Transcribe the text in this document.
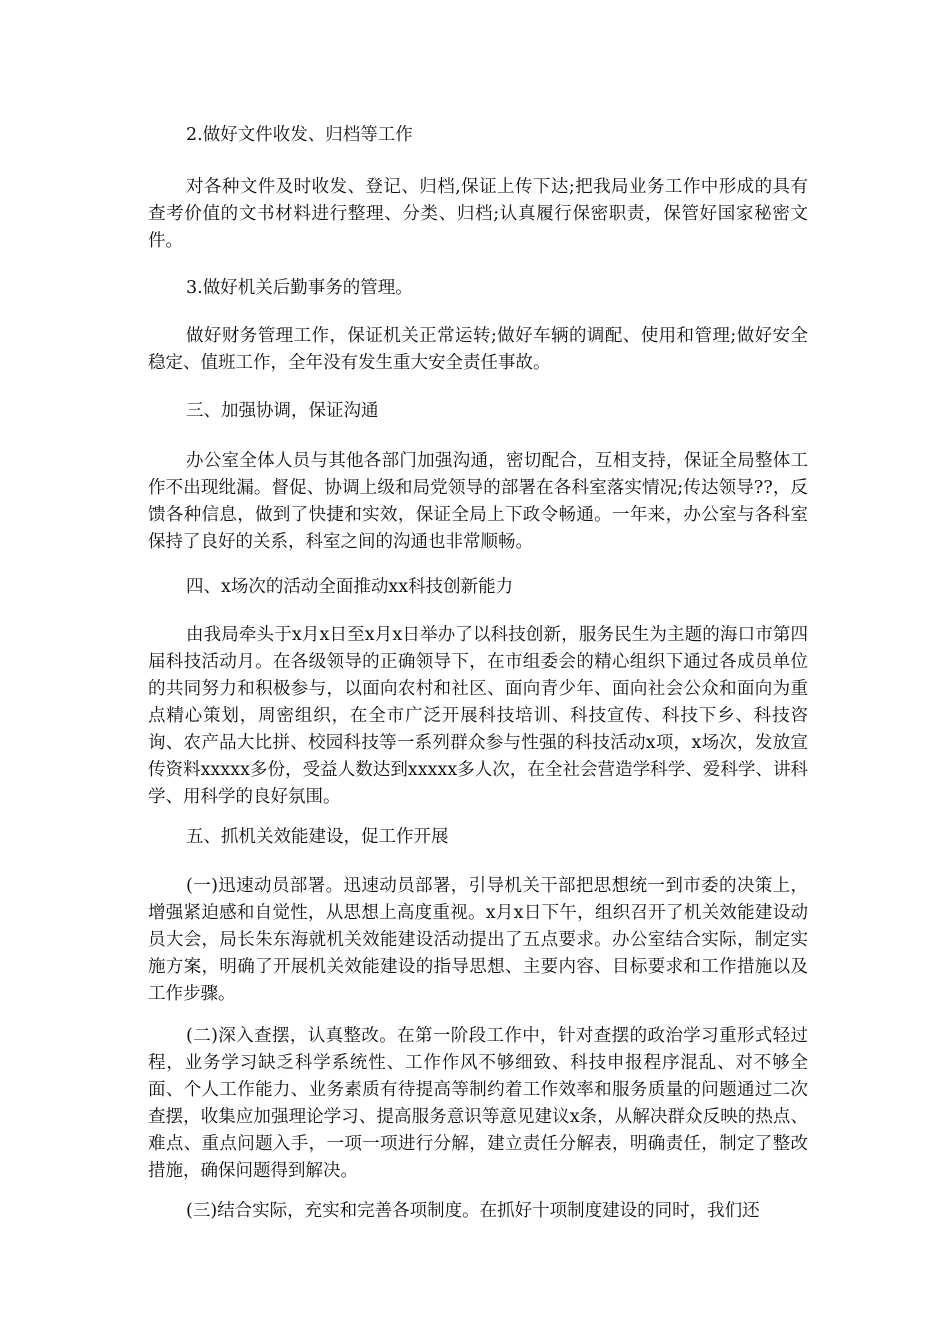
2.做好文件收发、归档等工作

对各种文件及时收发、登记、归档,保证上传下达;把我局业务工作中形成的具有查考价值的文书材料进行整理、分类、归档;认真履行保密职责，保管好国家秘密文件。

3.做好机关后勤事务的管理。

做好财务管理工作，保证机关正常运转;做好车辆的调配、使用和管理;做好安全稳定、值班工作，全年没有发生重大安全责任事故。

三、加强协调，保证沟通

办公室全体人员与其他各部门加强沟通，密切配合，互相支持，保证全局整体工作不出现纰漏。督促、协调上级和局党领导的部署在各科室落实情况;传达领导??，反馈各种信息，做到了快捷和实效，保证全局上下政令畅通。一年来，办公室与各科室保持了良好的关系，科室之间的沟通也非常顺畅。

四、x场次的活动全面推动xx科技创新能力

由我局牵头于x月x日至x月x日举办了以科技创新，服务民生为主题的海口市第四届科技活动月。在各级领导的正确领导下，在市组委会的精心组织下通过各成员单位的共同努力和积极参与，以面向农村和社区、面向青少年、面向社会公众和面向为重点精心策划，周密组织，在全市广泛开展科技培训、科技宣传、科技下乡、科技咨询、农产品大比拼、校园科技等一系列群众参与性强的科技活动x项，x场次，发放宣传资料xxxxx多份，受益人数达到xxxxx多人次，在全社会营造学科学、爱科学、讲科学、用科学的良好氛围。

五、抓机关效能建设，促工作开展

(一)迅速动员部署。迅速动员部署，引导机关干部把思想统一到市委的决策上，增强紧迫感和自觉性，从思想上高度重视。x月x日下午，组织召开了机关效能建设动员大会，局长朱东海就机关效能建设活动提出了五点要求。办公室结合实际，制定实施方案，明确了开展机关效能建设的指导思想、主要内容、目标要求和工作措施以及工作步骤。

(二)深入查摆，认真整改。在第一阶段工作中，针对查摆的政治学习重形式轻过程，业务学习缺乏科学系统性、工作作风不够细致、科技申报程序混乱、对不够全面、个人工作能力、业务素质有待提高等制约着工作效率和服务质量的问题通过二次查摆，收集应加强理论学习、提高服务意识等意见建议x条，从解决群众反映的热点、难点、重点问题入手，一项一项进行分解，建立责任分解表，明确责任，制定了整改措施，确保问题得到解决。

(三)结合实际，充实和完善各项制度。在抓好十项制度建设的同时，我们还
